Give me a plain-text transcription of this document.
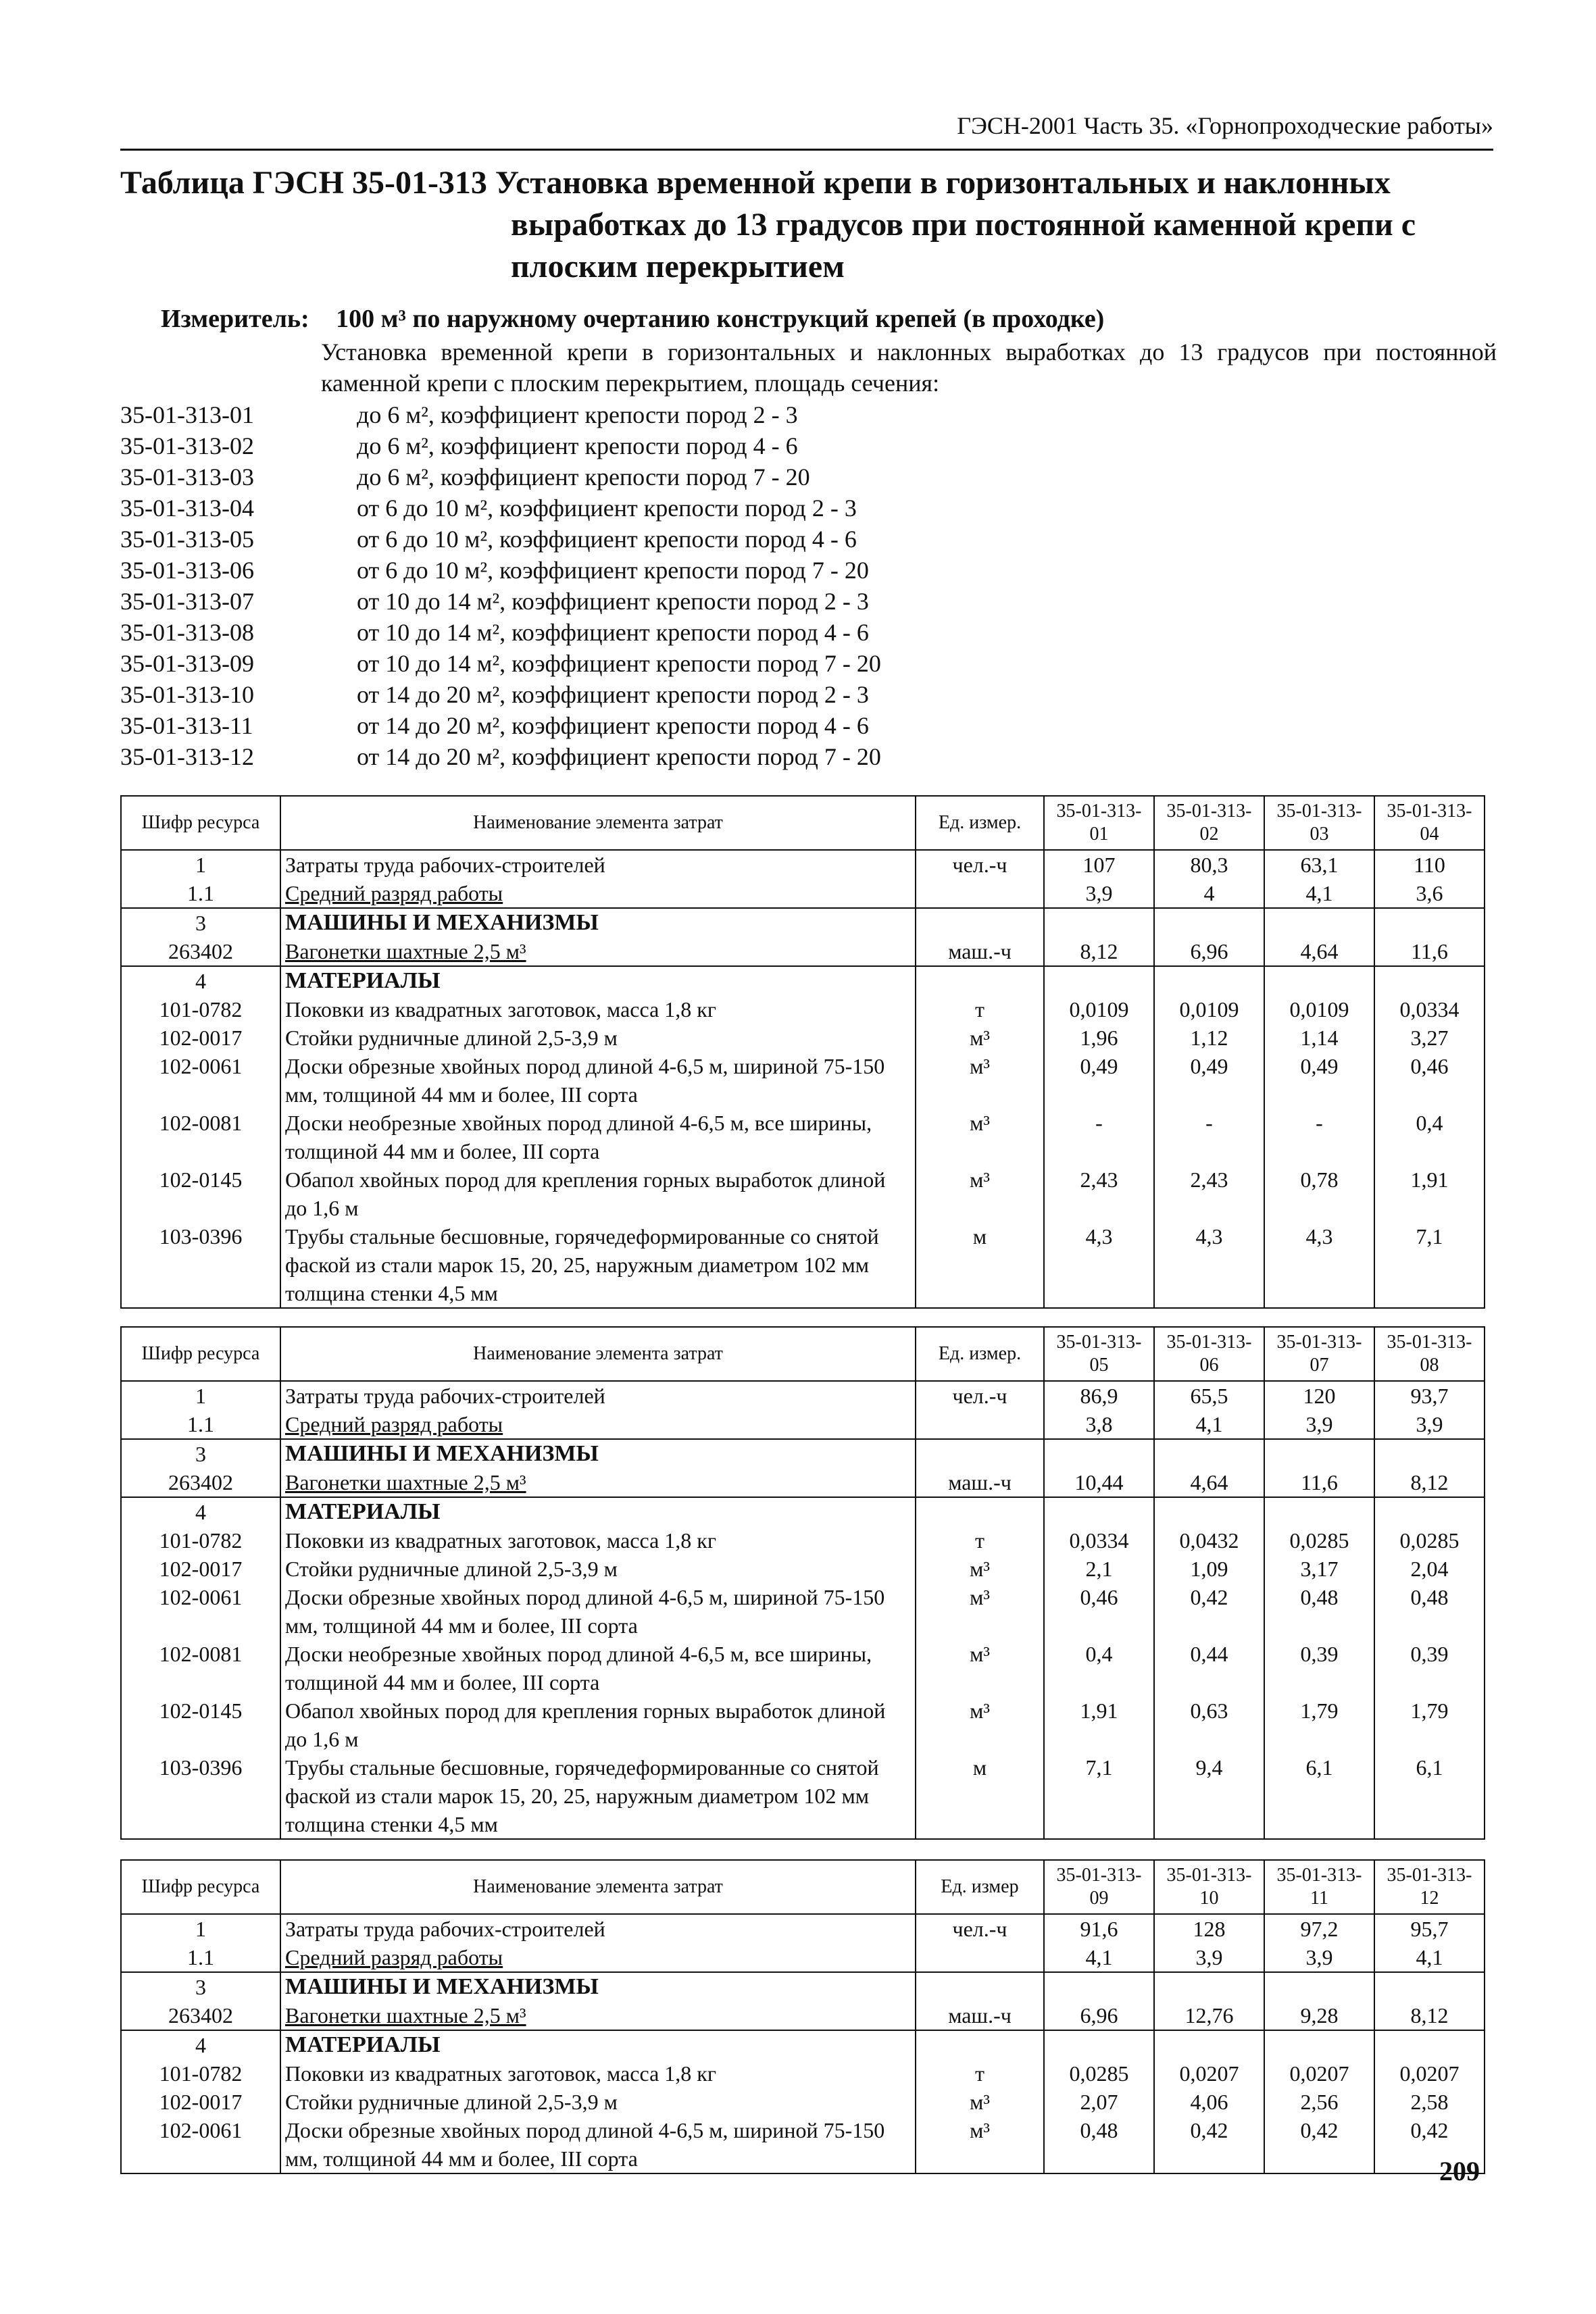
ГЭСН-2001 Часть 35. «Горнопроходческие работы»
Таблица ГЭСН 35-01-313 Установка временной крепи в горизонтальных и наклонных
выработках до 13 градусов при постоянной каменной крепи с
плоским перекрытием
Измеритель: 100 м³ по наружному очертанию конструкций крепей (в проходке)
Установка временной крепи в горизонтальных и наклонных выработках до 13 градусов при постоянной каменной крепи с плоским перекрытием, площадь сечения:
35-01-313-01	до 6 м², коэффициент крепости пород 2 - 3
35-01-313-02	до 6 м², коэффициент крепости пород 4 - 6
35-01-313-03	до 6 м², коэффициент крепости пород 7 - 20
35-01-313-04	от 6 до 10 м², коэффициент крепости пород 2 - 3
35-01-313-05	от 6 до 10 м², коэффициент крепости пород 4 - 6
35-01-313-06	от 6 до 10 м², коэффициент крепости пород 7 - 20
35-01-313-07	от 10 до 14 м², коэффициент крепости пород 2 - 3
35-01-313-08	от 10 до 14 м², коэффициент крепости пород 4 - 6
35-01-313-09	от 10 до 14 м², коэффициент крепости пород 7 - 20
35-01-313-10	от 14 до 20 м², коэффициент крепости пород 2 - 3
35-01-313-11	от 14 до 20 м², коэффициент крепости пород 4 - 6
35-01-313-12	от 14 до 20 м², коэффициент крепости пород 7 - 20
Шифр ресурса	Наименование элемента затрат	Ед. измер.	35-01-313-01	35-01-313-02	35-01-313-03	35-01-313-04
1	Затраты труда рабочих-строителей	чел.-ч	107	80,3	63,1	110
1.1	Средний разряд работы		3,9	4	4,1	3,6
3	МАШИНЫ И МЕХАНИЗМЫ					
263402	Вагонетки шахтные 2,5 м³	маш.-ч	8,12	6,96	4,64	11,6
4	МАТЕРИАЛЫ					
101-0782	Поковки из квадратных заготовок, масса 1,8 кг	т	0,0109	0,0109	0,0109	0,0334
102-0017	Стойки рудничные длиной 2,5-3,9 м	м³	1,96	1,12	1,14	3,27
102-0061	Доски обрезные хвойных пород длиной 4-6,5 м, шириной 75-150 мм, толщиной 44 мм и более, III сорта	м³	0,49	0,49	0,49	0,46
102-0081	Доски необрезные хвойных пород длиной 4-6,5 м, все ширины, толщиной 44 мм и более, III сорта	м³	-	-	-	0,4
102-0145	Обапол хвойных пород для крепления горных выработок длиной до 1,6 м	м³	2,43	2,43	0,78	1,91
103-0396	Трубы стальные бесшовные, горячедеформированные со снятой фаской из стали марок 15, 20, 25, наружным диаметром 102 мм толщина стенки 4,5 мм	м	4,3	4,3	4,3	7,1
Шифр ресурса	Наименование элемента затрат	Ед. измер.	35-01-313-05	35-01-313-06	35-01-313-07	35-01-313-08
1	Затраты труда рабочих-строителей	чел.-ч	86,9	65,5	120	93,7
1.1	Средний разряд работы		3,8	4,1	3,9	3,9
3	МАШИНЫ И МЕХАНИЗМЫ					
263402	Вагонетки шахтные 2,5 м³	маш.-ч	10,44	4,64	11,6	8,12
4	МАТЕРИАЛЫ					
101-0782	Поковки из квадратных заготовок, масса 1,8 кг	т	0,0334	0,0432	0,0285	0,0285
102-0017	Стойки рудничные длиной 2,5-3,9 м	м³	2,1	1,09	3,17	2,04
102-0061	Доски обрезные хвойных пород длиной 4-6,5 м, шириной 75-150 мм, толщиной 44 мм и более, III сорта	м³	0,46	0,42	0,48	0,48
102-0081	Доски необрезные хвойных пород длиной 4-6,5 м, все ширины, толщиной 44 мм и более, III сорта	м³	0,4	0,44	0,39	0,39
102-0145	Обапол хвойных пород для крепления горных выработок длиной до 1,6 м	м³	1,91	0,63	1,79	1,79
103-0396	Трубы стальные бесшовные, горячедеформированные со снятой фаской из стали марок 15, 20, 25, наружным диаметром 102 мм толщина стенки 4,5 мм	м	7,1	9,4	6,1	6,1
Шифр ресурса	Наименование элемента затрат	Ед. измер	35-01-313-09	35-01-313-10	35-01-313-11	35-01-313-12
1	Затраты труда рабочих-строителей	чел.-ч	91,6	128	97,2	95,7
1.1	Средний разряд работы		4,1	3,9	3,9	4,1
3	МАШИНЫ И МЕХАНИЗМЫ					
263402	Вагонетки шахтные 2,5 м³	маш.-ч	6,96	12,76	9,28	8,12
4	МАТЕРИАЛЫ					
101-0782	Поковки из квадратных заготовок, масса 1,8 кг	т	0,0285	0,0207	0,0207	0,0207
102-0017	Стойки рудничные длиной 2,5-3,9 м	м³	2,07	4,06	2,56	2,58
102-0061	Доски обрезные хвойных пород длиной 4-6,5 м, шириной 75-150 мм, толщиной 44 мм и более, III сорта	м³	0,48	0,42	0,42	0,42
209
